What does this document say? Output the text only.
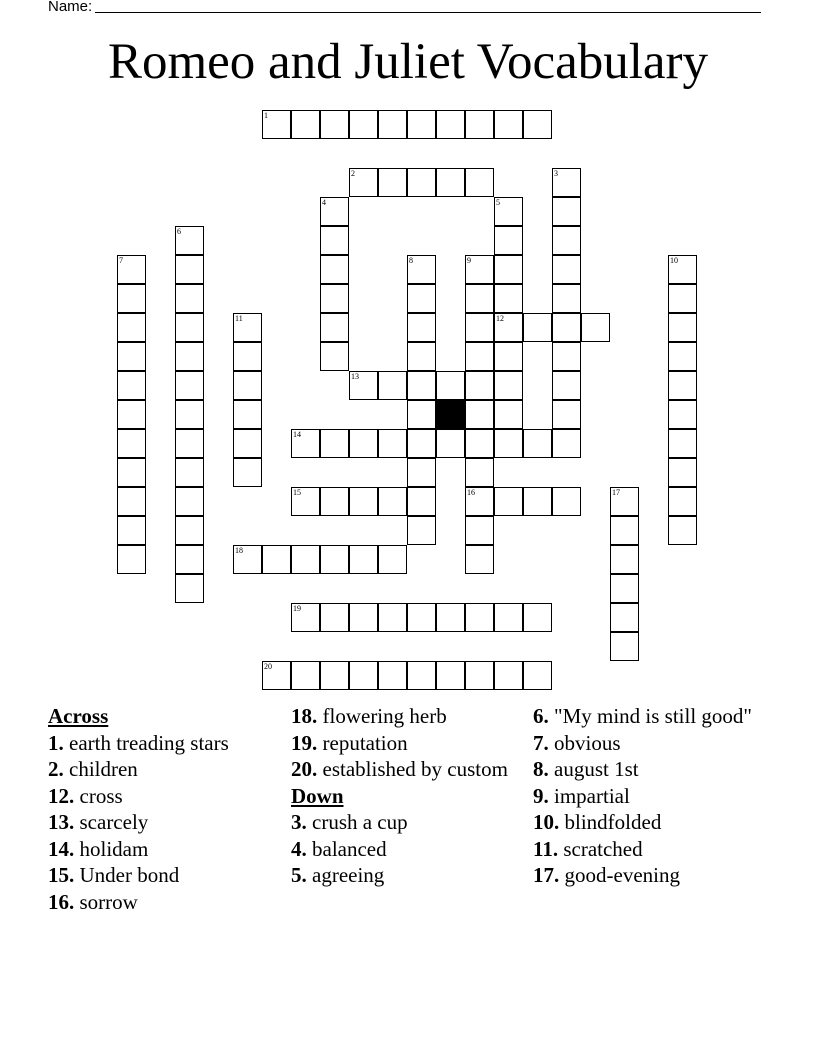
Name:
Romeo and Juliet Vocabulary
1
2	3
4	5
12
6
7	8	9
16
10
11
13
14
15	17
18
19
20

Across

1. earth treading stars

2. children

12. cross

13. scarcely

14. holidam

15. Under bond

16. sorrow

18. flowering herb

19. reputation

20. established by custom

Down

3. crush a cup

4. balanced

5. agreeing

6. "My mind is still good"

7. obvious

8. august 1st

9. impartial

10. blindfolded

11. scratched

17. good-evening
